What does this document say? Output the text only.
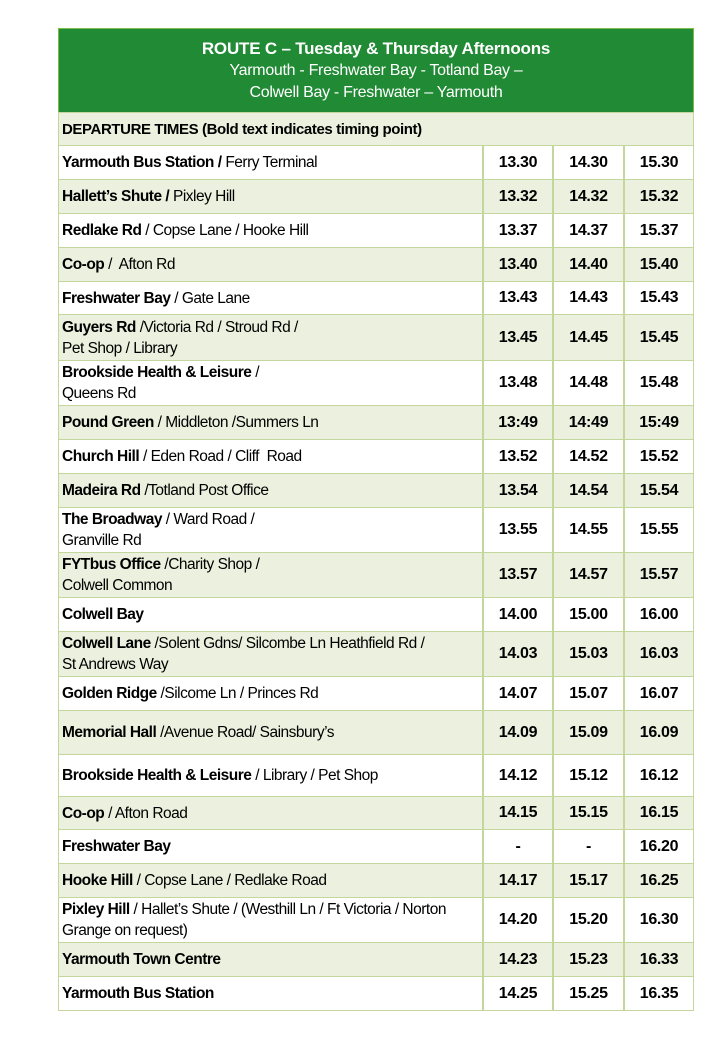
ROUTE C – Tuesday & Thursday Afternoons
Yarmouth - Freshwater Bay - Totland Bay –
Colwell Bay - Freshwater – Yarmouth
DEPARTURE TIMES (Bold text indicates timing point)
Yarmouth Bus Station / Ferry Terminal	13.30	14.30	15.30
Hallett’s Shute / Pixley Hill	13.32	14.32	15.32
Redlake Rd / Copse Lane / Hooke Hill	13.37	14.37	15.37
Co-op /  Afton Rd	13.40	14.40	15.40
Freshwater Bay / Gate Lane	13.43	14.43	15.43
Guyers Rd /Victoria Rd / Stroud Rd /
Pet Shop / Library
13.45	14.45	15.45
Brookside Health & Leisure /
Queens Rd
13.48	14.48	15.48
Pound Green / Middleton /Summers Ln	13:49	14:49	15:49
Church Hill / Eden Road / Cliff  Road	13.52	14.52	15.52
Madeira Rd /Totland Post Office	13.54	14.54	15.54
The Broadway / Ward Road /
Granville Rd
13.55	14.55	15.55
FYTbus Office /Charity Shop /
Colwell Common
13.57	14.57	15.57
Colwell Bay	14.00	15.00	16.00
Colwell Lane /Solent Gdns/ Silcombe Ln Heathfield Rd /
St Andrews Way
14.03	15.03	16.03
Golden Ridge /Silcome Ln / Princes Rd	14.07	15.07	16.07
Memorial Hall /Avenue Road/ Sainsbury’s	14.09	15.09	16.09
Brookside Health & Leisure / Library / Pet Shop	14.12	15.12	16.12
Co-op / Afton Road	14.15	15.15	16.15
Freshwater Bay	-	-	16.20
Hooke Hill / Copse Lane / Redlake Road	14.17	15.17	16.25
Pixley Hill / Hallet’s Shute / (Westhill Ln / Ft Victoria / Norton
Grange on request)
14.20	15.20	16.30
Yarmouth Town Centre	14.23	15.23	16.33
Yarmouth Bus Station	14.25	15.25	16.35
